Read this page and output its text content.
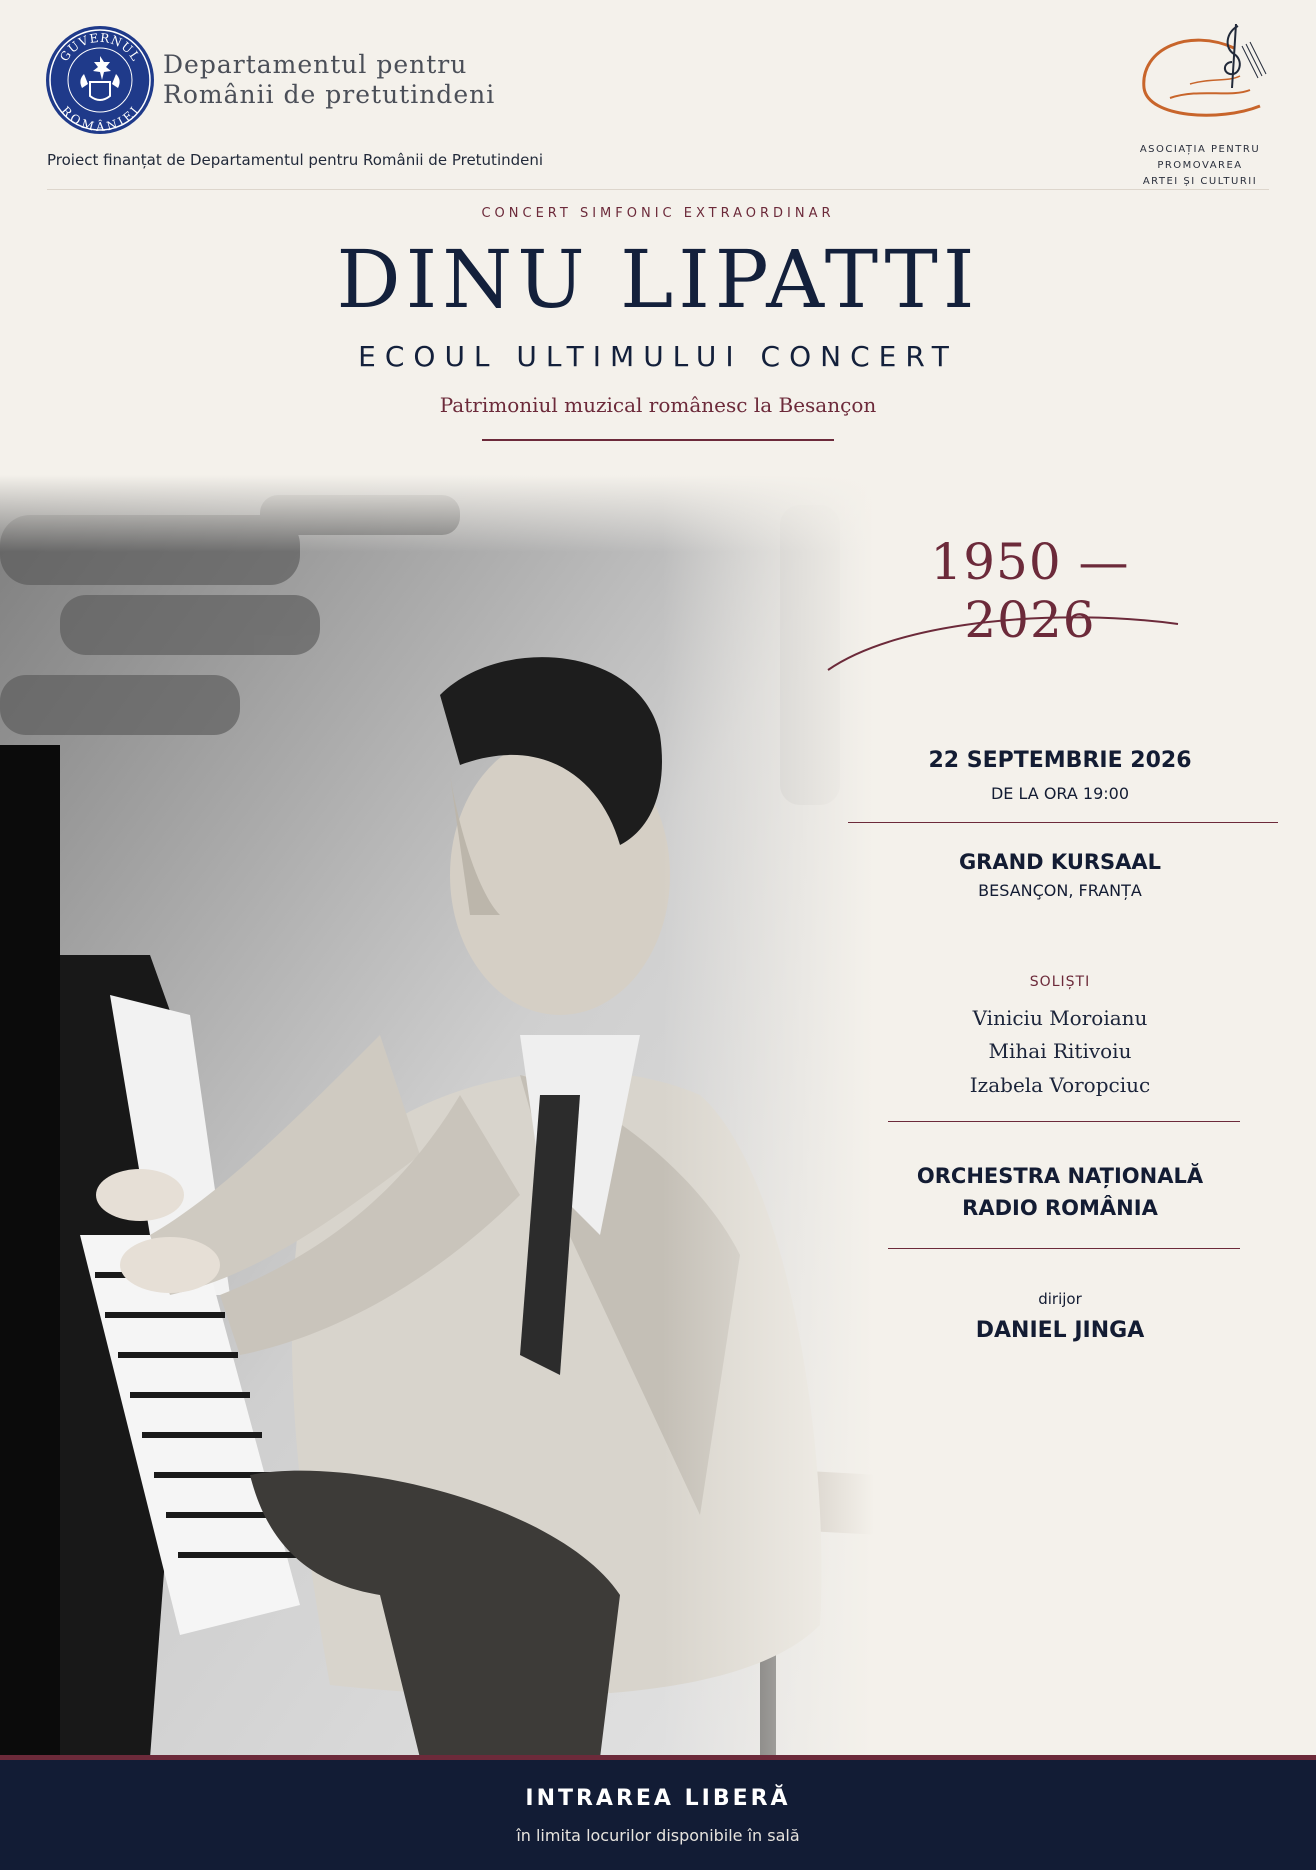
GUVERNUL
ROMÂNIEI
Departamentul pentru
Românii de pretutindeni
Proiect finanțat de Departamentul pentru Românii de Pretutindeni
ASOCIAȚIA PENTRU PROMOVAREA
ARTEI ȘI CULTURII
CONCERT SIMFONIC EXTRAORDINAR
DINU LIPATTI
ECOUL ULTIMULUI CONCERT
Patrimoniul muzical românesc la Besançon
1950 — 2026
22 SEPTEMBRIE 2026
DE LA ORA 19:00
GRAND KURSAAL
BESANÇON, FRANȚA
SOLIȘTI
Viniciu Moroianu
Mihai Ritivoiu
Izabela Voropciuc
ORCHESTRA NAȚIONALĂ
RADIO ROMÂNIA
dirijor
DANIEL JINGA
INTRAREA LIBERĂ
în limita locurilor disponibile în sală
